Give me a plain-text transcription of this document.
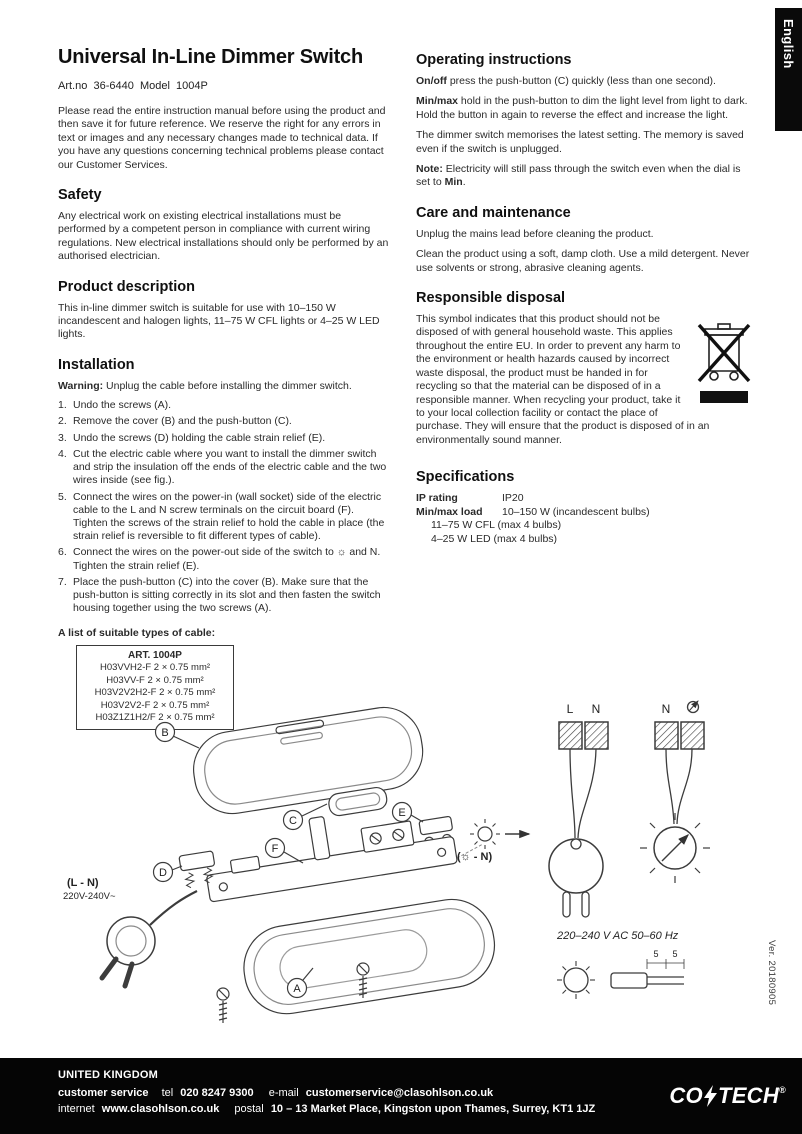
English
Universal In-Line Dimmer Switch
Art.no  36-6440  Model  1004P

Please read the entire instruction manual before using the product and then save it for future reference. We reserve the right for any errors in text or images and any necessary changes made to technical data. If you have any questions concerning technical problems please contact our Customer Services.

Safety

Any electrical work on existing electrical installations must be performed by a competent person in compliance with current wiring regulations. New electrical installations should only be performed by an authorised electrician.

Product description

This in-line dimmer switch is suitable for use with 10–150 W incandescent and halogen lights, 11–75 W CFL lights or 4–25 W LED lights.

Installation

Warning: Unplug the cable before installing the dimmer switch.

1. Undo the screws (A).
2. Remove the cover (B) and the push-button (C).
3. Undo the screws (D) holding the cable strain relief (E).
4. Cut the electric cable where you want to install the dimmer switch and strip the insulation off the ends of the electric cable and the two wires inside (see fig.).
5. Connect the wires on the power-in (wall socket) side of the electric cable to the L and N screw terminals on the circuit board (F). Tighten the screws of the strain relief to hold the cable in place (the strain relief is reversible to fit different types of cable).
6. Connect the wires on the power-out side of the switch to ☼ and N. Tighten the strain relief (E).
7. Place the push-button (C) into the cover (B). Make sure that the push-button is sitting correctly in its slot and then fasten the switch housing together using the two screws (A).
A list of suitable types of cable:
ART. 1004P
H03VVH2-F 2 × 0.75 mm²
H03VV-F 2 × 0.75 mm²
H03V2V2H2-F 2 × 0.75 mm²
H03V2V2-F 2 × 0.75 mm²
H03Z1Z1H2/F 2 × 0.75 mm²
Operating instructions

On/off press the push-button (C) quickly (less than one second).

Min/max hold in the push-button to dim the light level from light to dark. Hold the button in again to reverse the effect and increase the light.

The dimmer switch memorises the latest setting. The memory is saved even if the switch is unplugged.

Note: Electricity will still pass through the switch even when the dial is set to Min.

Care and maintenance

Unplug the mains lead before cleaning the product.

Clean the product using a soft, damp cloth. Use a mild detergent. Never use solvents or strong, abrasive cleaning agents.

Responsible disposal

This symbol indicates that this product should not be disposed of with general household waste. This applies throughout the entire EU. In order to prevent any harm to the environment or health hazards caused by incorrect waste disposal, the product must be handed in for recycling so that the material can be disposed of in a responsible manner. When recycling your product, take it to your local collection facility or contact the place of purchase. They will ensure that the product is disposed of in an environmentally sound manner.

Specifications
IP rating	IP20
Min/max load	10–150 W (incandescent bulbs)
11–75 W CFL (max 4 bulbs)
4–25 W LED (max 4 bulbs)
B
C
E
F
D
A
(L - N)
220V-240V~
(☼ - N)
L N	N
220–240 V AC 50–60 Hz
5 5	Ver. 20180905
UNITED KINGDOM
customer service tel 020 8247 9300 e-mail customerservice@clasohlson.co.uk
internet www.clasohlson.co.uk postal 10 – 13 Market Place, Kingston upon Thames, Surrey, KT1 1JZ
CO TECH®
